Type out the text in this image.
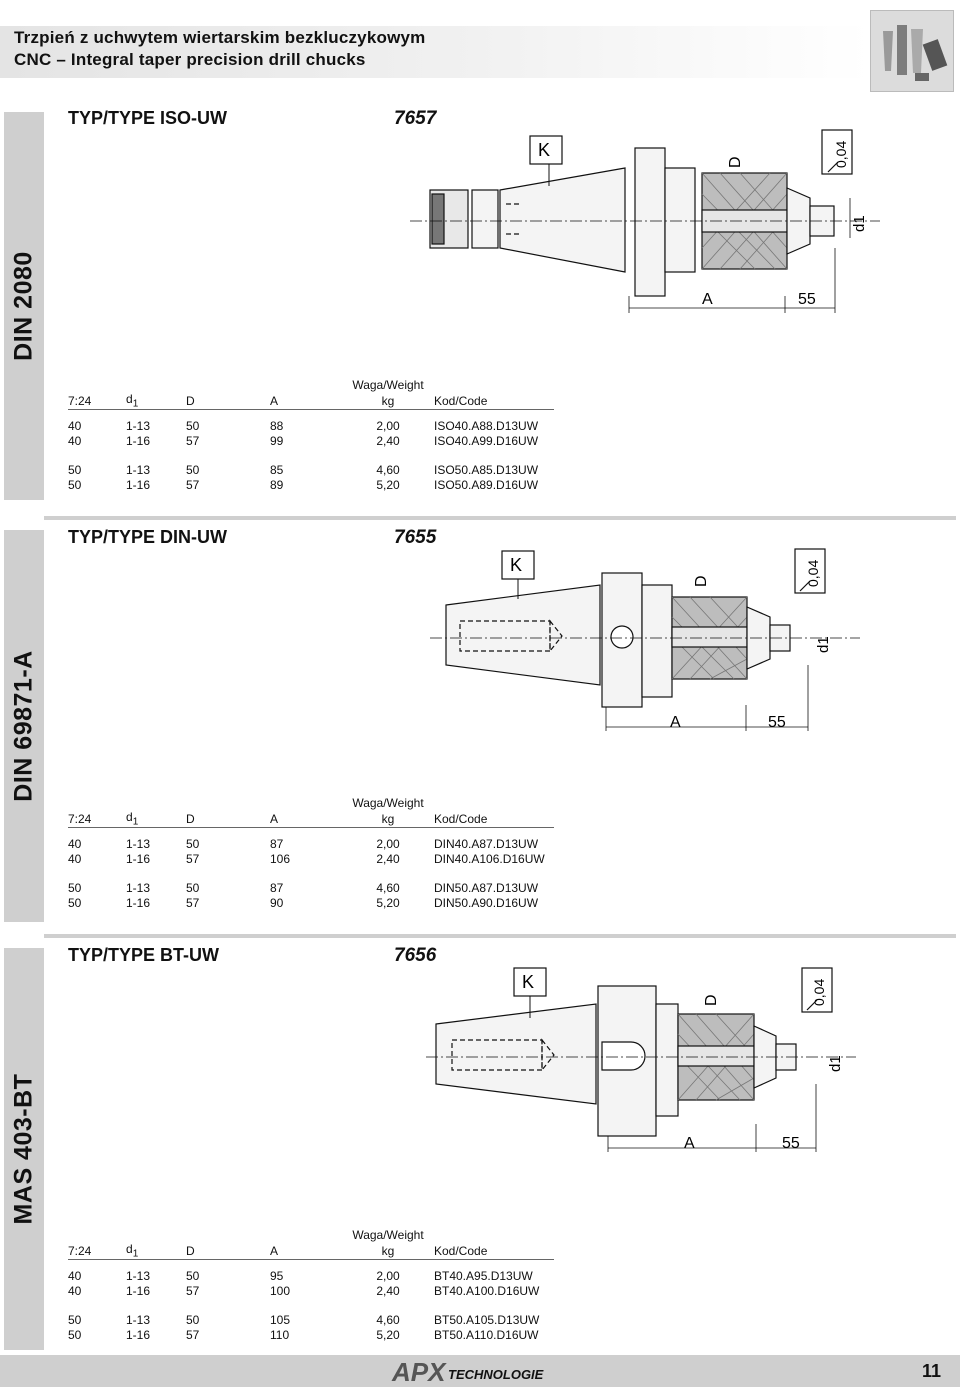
Trzpień z uchwytem wiertarskim bezkluczykowym
CNC – Integral taper precision drill chucks
DIN 2080
TYP/TYPE ISO-UW	7657
K
D	0,04
d1
A	55
				Waga/Weight	
7:24	$d_1$	D	A	kg	Kod/Code

40	1-13	50	88	2,00	ISO40.A88.D13UW
40	1-16	57	99	2,40	ISO40.A99.D16UW

50	1-13	50	85	4,60	ISO50.A85.D13UW
50	1-16	57	89	5,20	ISO50.A89.D16UW
DIN 69871-A
TYP/TYPE DIN-UW	7655
K
D	0,04
d1
A	55
				Waga/Weight	
7:24	$d_1$	D	A	kg	Kod/Code

40	1-13	50	87	2,00	DIN40.A87.D13UW
40	1-16	57	106	2,40	DIN40.A106.D16UW

50	1-13	50	87	4,60	DIN50.A87.D13UW
50	1-16	57	90	5,20	DIN50.A90.D16UW
MAS 403-BT
TYP/TYPE BT-UW	7656
K
D	0,04
d1
A	55
				Waga/Weight	
7:24	$d_1$	D	A	kg	Kod/Code

40	1-13	50	95	2,00	BT40.A95.D13UW
40	1-16	57	100	2,40	BT40.A100.D16UW

50	1-13	50	105	4,60	BT50.A105.D13UW
50	1-16	57	110	5,20	BT50.A110.D16UW
APX TECHNOLOGIE	11
